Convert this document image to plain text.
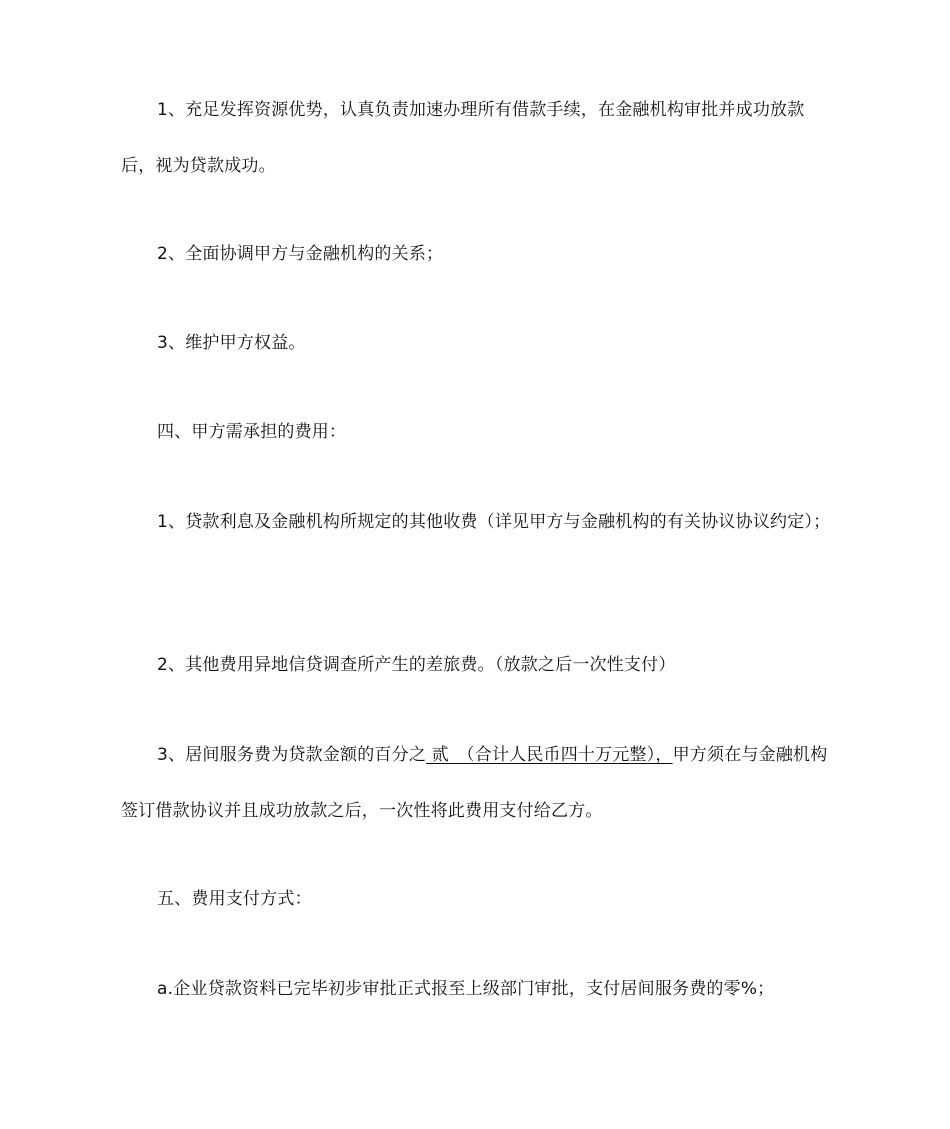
1、充足发挥资源优势，认真负责加速办理所有借款手续，在金融机构审批并成功放款后，视为贷款成功。

2、全面协调甲方与金融机构的关系；

3、维护甲方权益。

四、甲方需承担的费用：

1、贷款利息及金融机构所规定的其他收费（详见甲方与金融机构的有关协议协议约定）；

2、其他费用异地信贷调查所产生的差旅费。（放款之后一次性支付）

3、居间服务费为贷款金额的百分之 贰　（合计人民币四十万元整），甲方须在与金融机构签订借款协议并且成功放款之后，一次性将此费用支付给乙方。

五、费用支付方式：

a.企业贷款资料已完毕初步审批正式报至上级部门审批，支付居间服务费的零%；
